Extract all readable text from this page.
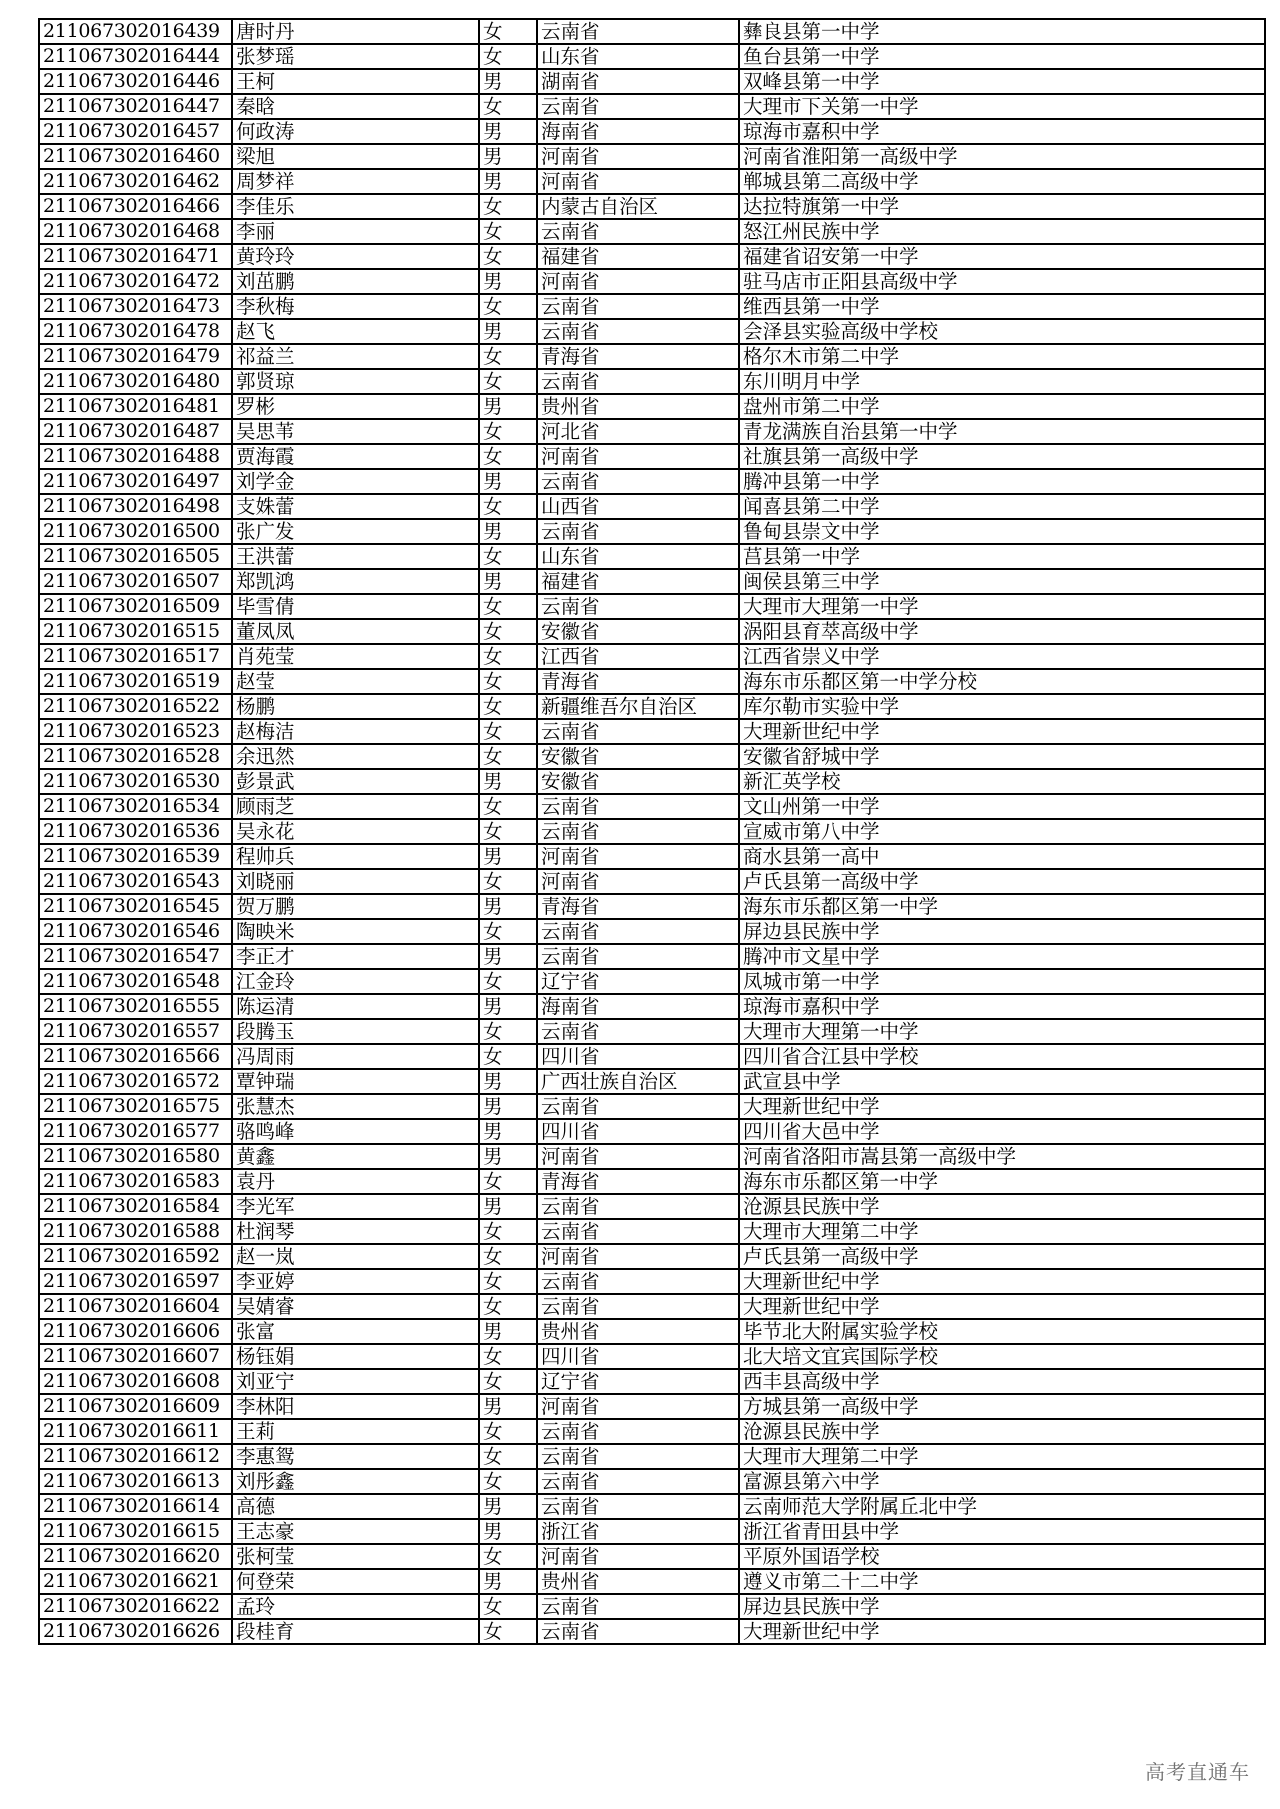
211067302016439	唐时丹	女	云南省	彝良县第一中学
211067302016444	张梦瑶	女	山东省	鱼台县第一中学
211067302016446	王柯	男	湖南省	双峰县第一中学
211067302016447	秦晗	女	云南省	大理市下关第一中学
211067302016457	何政涛	男	海南省	琼海市嘉积中学
211067302016460	梁旭	男	河南省	河南省淮阳第一高级中学
211067302016462	周梦祥	男	河南省	郸城县第二高级中学
211067302016466	李佳乐	女	内蒙古自治区	达拉特旗第一中学
211067302016468	李丽	女	云南省	怒江州民族中学
211067302016471	黄玲玲	女	福建省	福建省诏安第一中学
211067302016472	刘茁鹏	男	河南省	驻马店市正阳县高级中学
211067302016473	李秋梅	女	云南省	维西县第一中学
211067302016478	赵飞	男	云南省	会泽县实验高级中学校
211067302016479	祁益兰	女	青海省	格尔木市第二中学
211067302016480	郭贤琼	女	云南省	东川明月中学
211067302016481	罗彬	男	贵州省	盘州市第二中学
211067302016487	吴思苇	女	河北省	青龙满族自治县第一中学
211067302016488	贾海霞	女	河南省	社旗县第一高级中学
211067302016497	刘学金	男	云南省	腾冲县第一中学
211067302016498	支姝蕾	女	山西省	闻喜县第二中学
211067302016500	张广发	男	云南省	鲁甸县崇文中学
211067302016505	王洪蕾	女	山东省	莒县第一中学
211067302016507	郑凯鸿	男	福建省	闽侯县第三中学
211067302016509	毕雪倩	女	云南省	大理市大理第一中学
211067302016515	董凤凤	女	安徽省	涡阳县育萃高级中学
211067302016517	肖苑莹	女	江西省	江西省崇义中学
211067302016519	赵莹	女	青海省	海东市乐都区第一中学分校
211067302016522	杨鹏	女	新疆维吾尔自治区	库尔勒市实验中学
211067302016523	赵梅洁	女	云南省	大理新世纪中学
211067302016528	余迅然	女	安徽省	安徽省舒城中学
211067302016530	彭景武	男	安徽省	新汇英学校
211067302016534	顾雨芝	女	云南省	文山州第一中学
211067302016536	吴永花	女	云南省	宣威市第八中学
211067302016539	程帅兵	男	河南省	商水县第一高中
211067302016543	刘晓丽	女	河南省	卢氏县第一高级中学
211067302016545	贺万鹏	男	青海省	海东市乐都区第一中学
211067302016546	陶映米	女	云南省	屏边县民族中学
211067302016547	李正才	男	云南省	腾冲市文星中学
211067302016548	江金玲	女	辽宁省	凤城市第一中学
211067302016555	陈运清	男	海南省	琼海市嘉积中学
211067302016557	段腾玉	女	云南省	大理市大理第一中学
211067302016566	冯周雨	女	四川省	四川省合江县中学校
211067302016572	覃钟瑞	男	广西壮族自治区	武宣县中学
211067302016575	张慧杰	男	云南省	大理新世纪中学
211067302016577	骆鸣峰	男	四川省	四川省大邑中学
211067302016580	黄鑫	男	河南省	河南省洛阳市嵩县第一高级中学
211067302016583	袁丹	女	青海省	海东市乐都区第一中学
211067302016584	李光军	男	云南省	沧源县民族中学
211067302016588	杜润琴	女	云南省	大理市大理第二中学
211067302016592	赵一岚	女	河南省	卢氏县第一高级中学
211067302016597	李亚婷	女	云南省	大理新世纪中学
211067302016604	吴婧睿	女	云南省	大理新世纪中学
211067302016606	张富	男	贵州省	毕节北大附属实验学校
211067302016607	杨钰娟	女	四川省	北大培文宜宾国际学校
211067302016608	刘亚宁	女	辽宁省	西丰县高级中学
211067302016609	李林阳	男	河南省	方城县第一高级中学
211067302016611	王莉	女	云南省	沧源县民族中学
211067302016612	李惠鸳	女	云南省	大理市大理第二中学
211067302016613	刘彤鑫	女	云南省	富源县第六中学
211067302016614	高德	男	云南省	云南师范大学附属丘北中学
211067302016615	王志豪	男	浙江省	浙江省青田县中学
211067302016620	张柯莹	女	河南省	平原外国语学校
211067302016621	何登荣	男	贵州省	遵义市第二十二中学
211067302016622	孟玲	女	云南省	屏边县民族中学
211067302016626	段桂育	女	云南省	大理新世纪中学
高考直通车
